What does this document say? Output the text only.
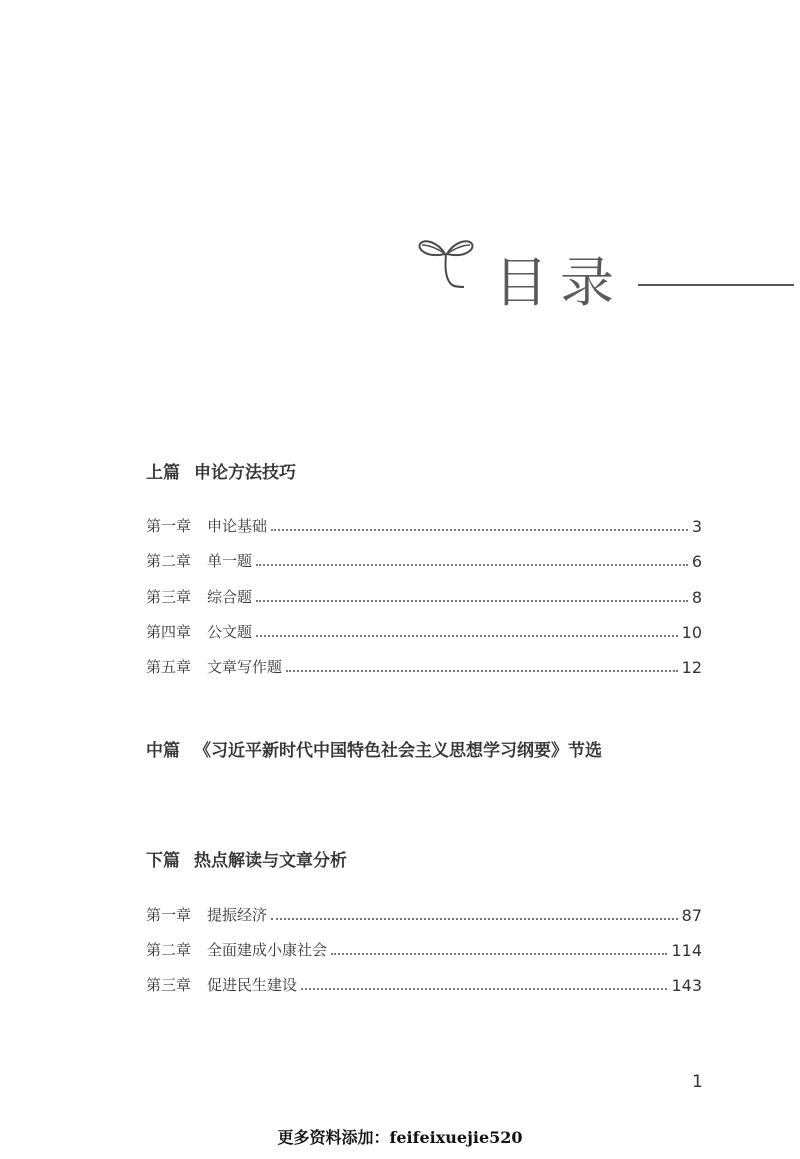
目录
上篇 申论方法技巧
第一章 申论基础	3
第二章 单一题	6
第三章 综合题	8
第四章 公文题	10
第五章 文章写作题	12
中篇 《习近平新时代中国特色社会主义思想学习纲要》节选
下篇 热点解读与文章分析
第一章 提振经济	87
第二章 全面建成小康社会	114
第三章 促进民生建设	143
1
更多资料添加：feifeixuejie520
